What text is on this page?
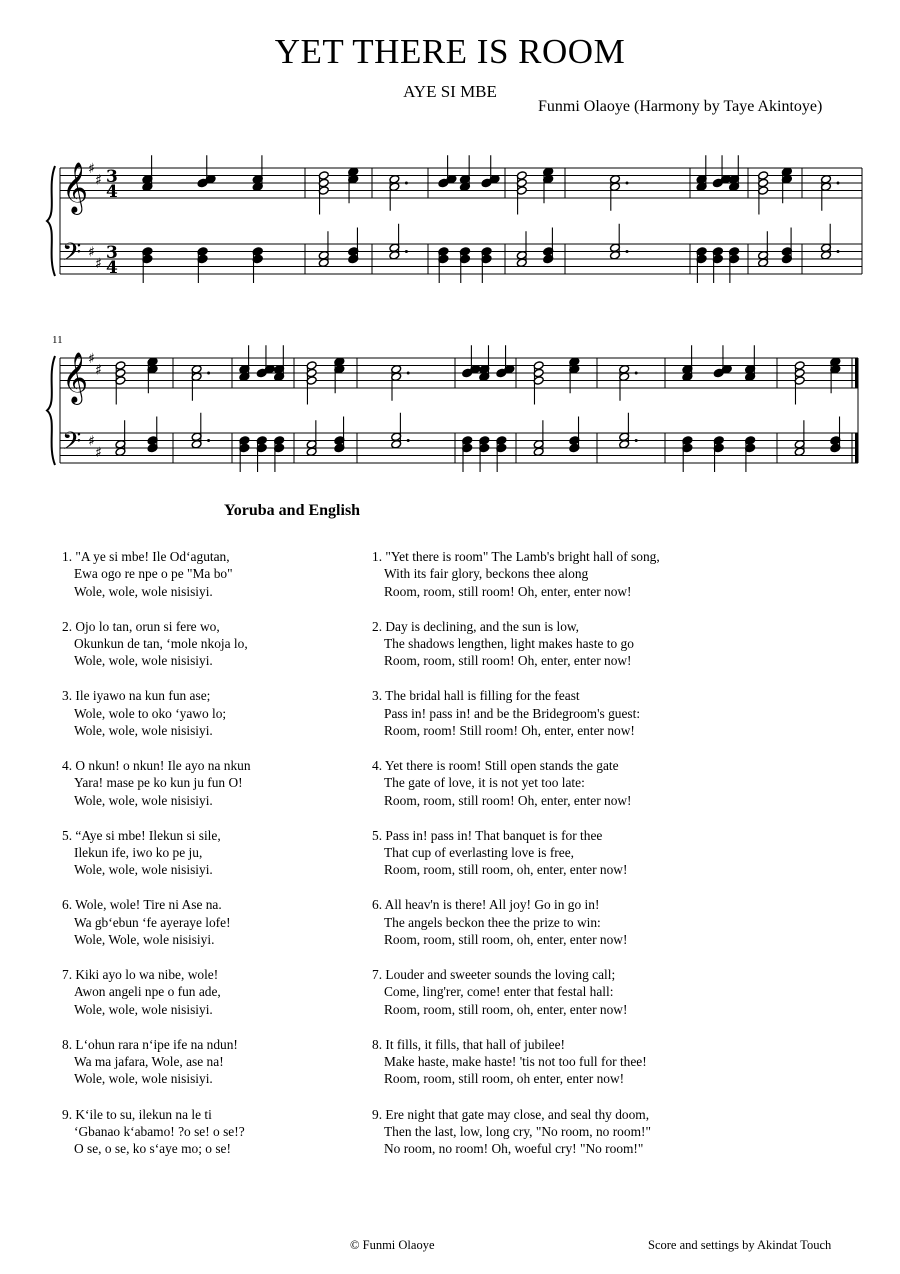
YET THERE IS ROOM
AYE SI MBE
Funmi Olaoye (Harmony by Taye Akintoye)
𝄞
𝄢
♯
♯
♯
♯
3
4
3
4
𝄞
𝄢
♯
♯
♯
♯
11
Yoruba and English
1. "A ye si mbe! Ile Od‘agutan,
Ewa ogo re npe o pe "Ma bo"
Wole, wole, wole nisisiyi.
2. Ojo lo tan, orun si fere wo,
Okunkun de tan, ‘mole nkoja lo,
Wole, wole, wole nisisiyi.
3. Ile iyawo na kun fun ase;
Wole, wole to oko ‘yawo lo;
Wole, wole, wole nisisiyi.
4. O nkun! o nkun! Ile ayo na nkun
Yara! mase pe ko kun ju fun O!
Wole, wole, wole nisisiyi.
5. “Aye si mbe! Ilekun si sile,
Ilekun ife, iwo ko pe ju,
Wole, wole, wole nisisiyi.
6. Wole, wole! Tire ni Ase na.
Wa gb‘ebun ‘fe ayeraye lofe!
Wole, Wole, wole nisisiyi.
7. Kiki ayo lo wa nibe, wole!
Awon angeli npe o fun ade,
Wole, wole, wole nisisiyi.
8. L‘ohun rara n‘ipe ife na ndun!
Wa ma jafara, Wole, ase na!
Wole, wole, wole nisisiyi.
9. K‘ile to su, ilekun na le ti
‘Gbanao k‘abamo! ?o se! o se!?
O se, o se, ko s‘aye mo; o se!
1. "Yet there is room" The Lamb's bright hall of song,
With its fair glory, beckons thee along
Room, room, still room! Oh, enter, enter now!
2. Day is declining, and the sun is low,
The shadows lengthen, light makes haste to go
Room, room, still room! Oh, enter, enter now!
3. The bridal hall is filling for the feast
Pass in! pass in! and be the Bridegroom's guest:
Room, room! Still room! Oh, enter, enter now!
4. Yet there is room! Still open stands the gate
The gate of love, it is not yet too late:
Room, room, still room! Oh, enter, enter now!
5. Pass in! pass in! That banquet is for thee
That cup of everlasting love is free,
Room, room, still room, oh, enter, enter now!
6. All heav'n is there! All joy! Go in go in!
The angels beckon thee the prize to win:
Room, room, still room, oh, enter, enter now!
7. Louder and sweeter sounds the loving call;
Come, ling'rer, come! enter that festal hall:
Room, room, still room, oh, enter, enter now!
8. It fills, it fills, that hall of jubilee!
Make haste, make haste! 'tis not too full for thee!
Room, room, still room, oh enter, enter now!
9. Ere night that gate may close, and seal thy doom,
Then the last, low, long cry, "No room, no room!"
No room, no room! Oh, woeful cry! "No room!"
© Funmi Olaoye	Score and settings by Akindat Touch
